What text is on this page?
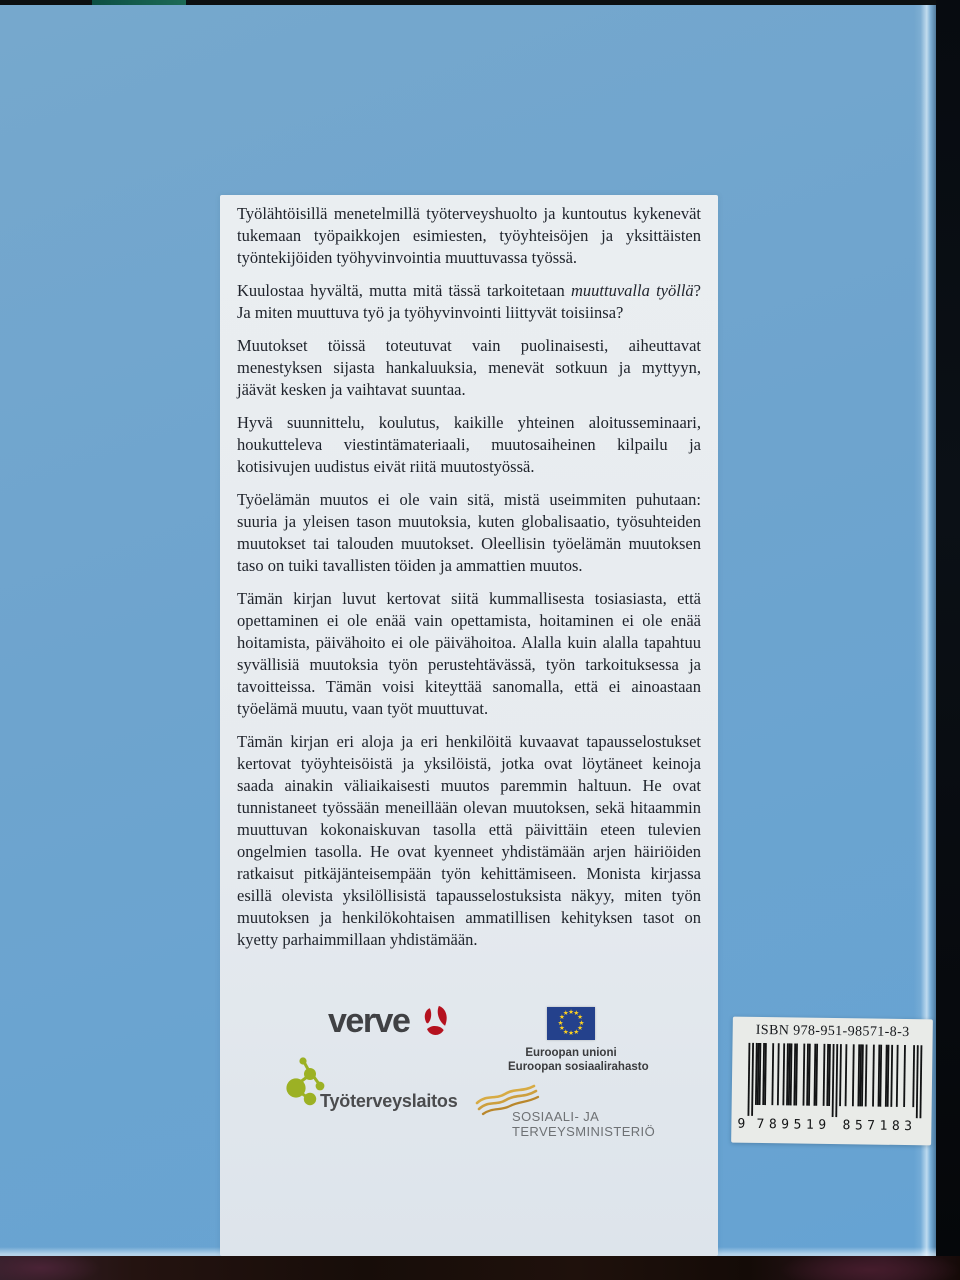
Työlähtöisillä menetelmillä työterveyshuolto ja kuntoutus kykenevät tukemaan työpaikkojen esimiesten, työyhteisöjen ja yksittäisten työntekijöiden työhyvinvointia muuttuvassa työssä.

Kuulostaa hyvältä, mutta mitä tässä tarkoitetaan muuttuvalla työllä? Ja miten muuttuva työ ja työhyvinvointi liittyvät toisiinsa?

Muutokset töissä toteutuvat vain puolinaisesti, aiheuttavat menestyksen sijasta hankaluuksia, menevät sotkuun ja myttyyn, jäävät kesken ja vaihtavat suuntaa.

Hyvä suunnittelu, koulutus, kaikille yhteinen aloitusseminaari, houkutteleva viestintämateriaali, muutosaiheinen kilpailu ja kotisivujen uudistus eivät riitä muutostyössä.

Työelämän muutos ei ole vain sitä, mistä useimmiten puhutaan: suuria ja yleisen tason muutoksia, kuten globalisaatio, työsuhteiden muutokset tai talouden muutokset. Oleellisin työelämän muutoksen taso on tuiki tavallisten töiden ja ammattien muutos.

Tämän kirjan luvut kertovat siitä kummallisesta tosiasiasta, että opettaminen ei ole enää vain opettamista, hoitaminen ei ole enää hoitamista, päivähoito ei ole päivähoitoa. Alalla kuin alalla tapahtuu syvällisiä muutoksia työn perustehtävässä, työn tarkoituksessa ja tavoitteissa. Tämän voisi kiteyttää sanomalla, että ei ainoastaan työelämä muutu, vaan työt muuttuvat.

Tämän kirjan eri aloja ja eri henkilöitä kuvaavat tapausselostukset kertovat työyhteisöistä ja yksilöistä, jotka ovat löytäneet keinoja saada ainakin väliaikaisesti muutos paremmin haltuun. He ovat tunnistaneet työssään meneillään olevan muutoksen, sekä hitaammin muuttuvan kokonaiskuvan tasolla että päivittäin eteen tulevien ongelmien tasolla. He ovat kyenneet yhdistämään arjen häiriöiden ratkaisut pitkäjänteisempään työn kehittämiseen. Monista kirjassa esillä olevista yksilöllisistä tapausselostuksista näkyy, miten työn muutoksen ja henkilökohtaisen ammatillisen kehityksen tasot on kyetty parhaimmillaan yhdistämään.

verve	★ ★
★
★
★
★
★
★
★
★
★
★
Euroopan unioni
Euroopan sosiaalirahasto
Työterveyslaitos
SOSIAALI- JA
TERVEYSMINISTERIÖ
ISBN 978-951-98571-8-3
9 789519 857183
